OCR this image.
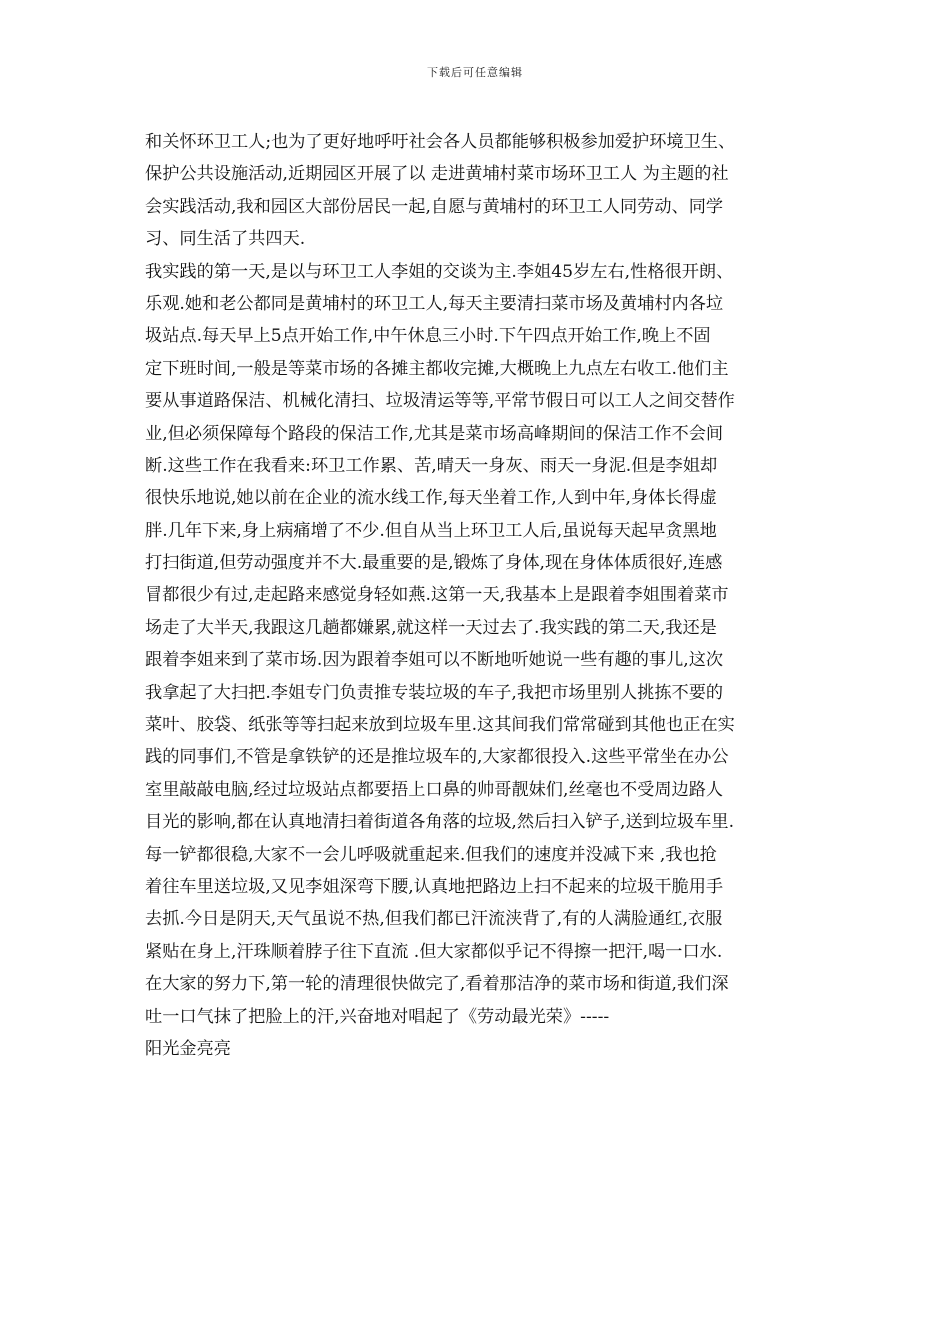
下载后可任意编辑
和关怀环卫工人;也为了更好地呼吁社会各人员都能够积极参加爱护环境卫生、
保护公共设施活动,近期园区开展了以 走进黄埔村菜市场环卫工人 为主题的社
会实践活动,我和园区大部份居民一起,自愿与黄埔村的环卫工人同劳动、同学
习、同生活了共四天.
我实践的第一天,是以与环卫工人李姐的交谈为主.李姐45岁左右,性格很开朗、
乐观.她和老公都同是黄埔村的环卫工人,每天主要清扫菜市场及黄埔村内各垃
圾站点.每天早上5点开始工作,中午休息三小时.下午四点开始工作,晚上不固
定下班时间,一般是等菜市场的各摊主都收完摊,大概晚上九点左右收工.他们主
要从事道路保洁、机械化清扫、垃圾清运等等,平常节假日可以工人之间交替作
业,但必须保障每个路段的保洁工作,尤其是菜市场高峰期间的保洁工作不会间
断.这些工作在我看来:环卫工作累、苦,晴天一身灰、雨天一身泥.但是李姐却
很快乐地说,她以前在企业的流水线工作,每天坐着工作,人到中年,身体长得虚
胖.几年下来,身上病痛增了不少.但自从当上环卫工人后,虽说每天起早贪黑地
打扫街道,但劳动强度并不大.最重要的是,锻炼了身体,现在身体体质很好,连感
冒都很少有过,走起路来感觉身轻如燕.这第一天,我基本上是跟着李姐围着菜市
场走了大半天,我跟这几趟都嫌累,就这样一天过去了.我实践的第二天,我还是
跟着李姐来到了菜市场.因为跟着李姐可以不断地听她说一些有趣的事儿,这次
我拿起了大扫把.李姐专门负责推专装垃圾的车子,我把市场里别人挑拣不要的
菜叶、胶袋、纸张等等扫起来放到垃圾车里.这其间我们常常碰到其他也正在实
践的同事们,不管是拿铁铲的还是推垃圾车的,大家都很投入.这些平常坐在办公
室里敲敲电脑,经过垃圾站点都要捂上口鼻的帅哥靓妹们,丝毫也不受周边路人
目光的影响,都在认真地清扫着街道各角落的垃圾,然后扫入铲子,送到垃圾车里.
每一铲都很稳,大家不一会儿呼吸就重起来.但我们的速度并没减下来 ,我也抢
着往车里送垃圾,又见李姐深弯下腰,认真地把路边上扫不起来的垃圾干脆用手
去抓.今日是阴天,天气虽说不热,但我们都已汗流浃背了,有的人满脸通红,衣服
紧贴在身上,汗珠顺着脖子往下直流 .但大家都似乎记不得擦一把汗,喝一口水.
在大家的努力下,第一轮的清理很快做完了,看着那洁净的菜市场和街道,我们深
吐一口气抹了把脸上的汗,兴奋地对唱起了《劳动最光荣》-----
阳光金亮亮
